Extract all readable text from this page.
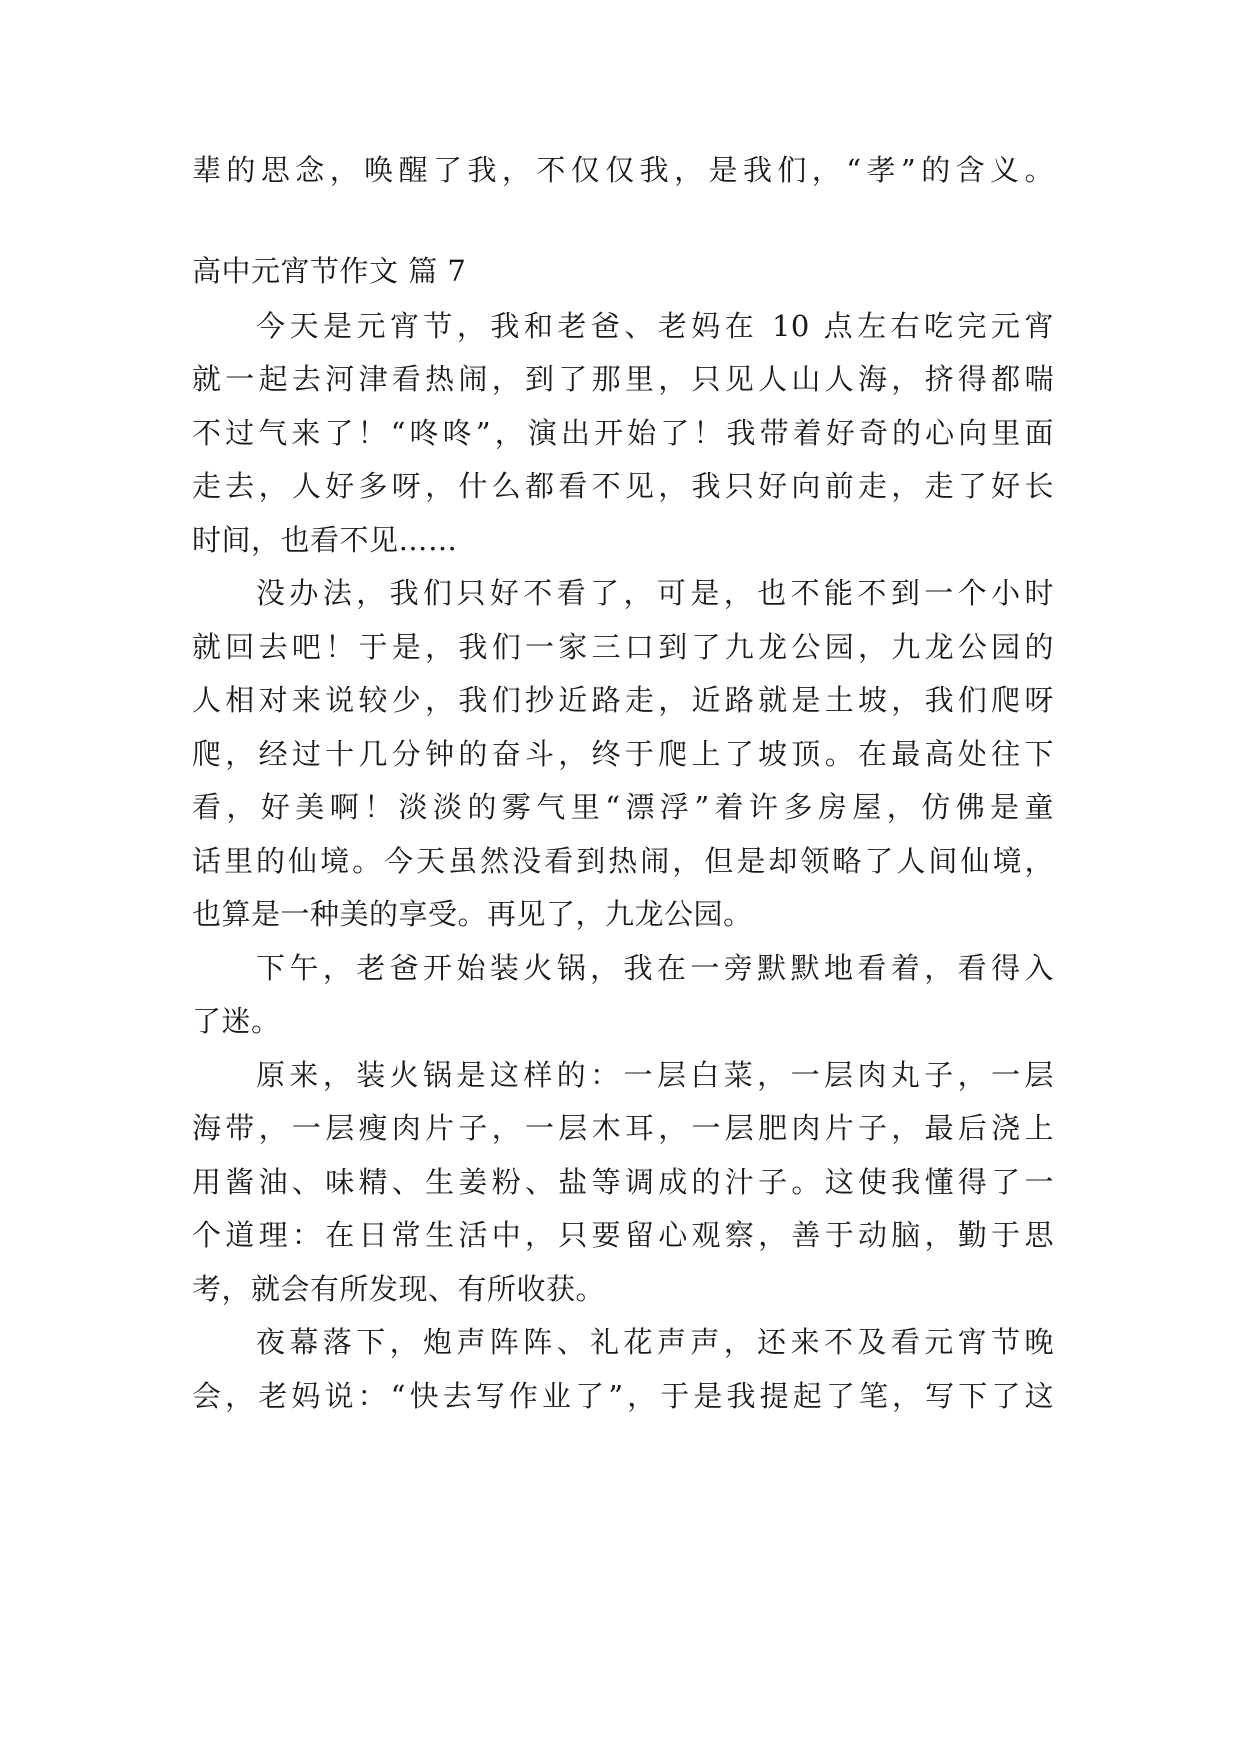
辈的思念，唤醒了我，不仅仅我，是我们，“孝”的含义。
高中元宵节作文 篇 7
今天是元宵节，我和老爸、老妈在 10 点左右吃完元宵
就一起去河津看热闹，到了那里，只见人山人海，挤得都喘
不过气来了！“咚咚”，演出开始了！我带着好奇的心向里面
走去，人好多呀，什么都看不见，我只好向前走，走了好长
时间，也看不见……
没办法，我们只好不看了，可是，也不能不到一个小时
就回去吧！于是，我们一家三口到了九龙公园，九龙公园的
人相对来说较少，我们抄近路走，近路就是土坡，我们爬呀
爬，经过十几分钟的奋斗，终于爬上了坡顶。在最高处往下
看，好美啊！淡淡的雾气里“漂浮”着许多房屋，仿佛是童
话里的仙境。今天虽然没看到热闹，但是却领略了人间仙境，
也算是一种美的享受。再见了，九龙公园。
下午，老爸开始装火锅，我在一旁默默地看着，看得入
了迷。
原来，装火锅是这样的：一层白菜，一层肉丸子，一层
海带，一层瘦肉片子，一层木耳，一层肥肉片子，最后浇上
用酱油、味精、生姜粉、盐等调成的汁子。这使我懂得了一
个道理：在日常生活中，只要留心观察，善于动脑，勤于思
考，就会有所发现、有所收获。
夜幕落下，炮声阵阵、礼花声声，还来不及看元宵节晚
会，老妈说：“快去写作业了”，于是我提起了笔，写下了这
